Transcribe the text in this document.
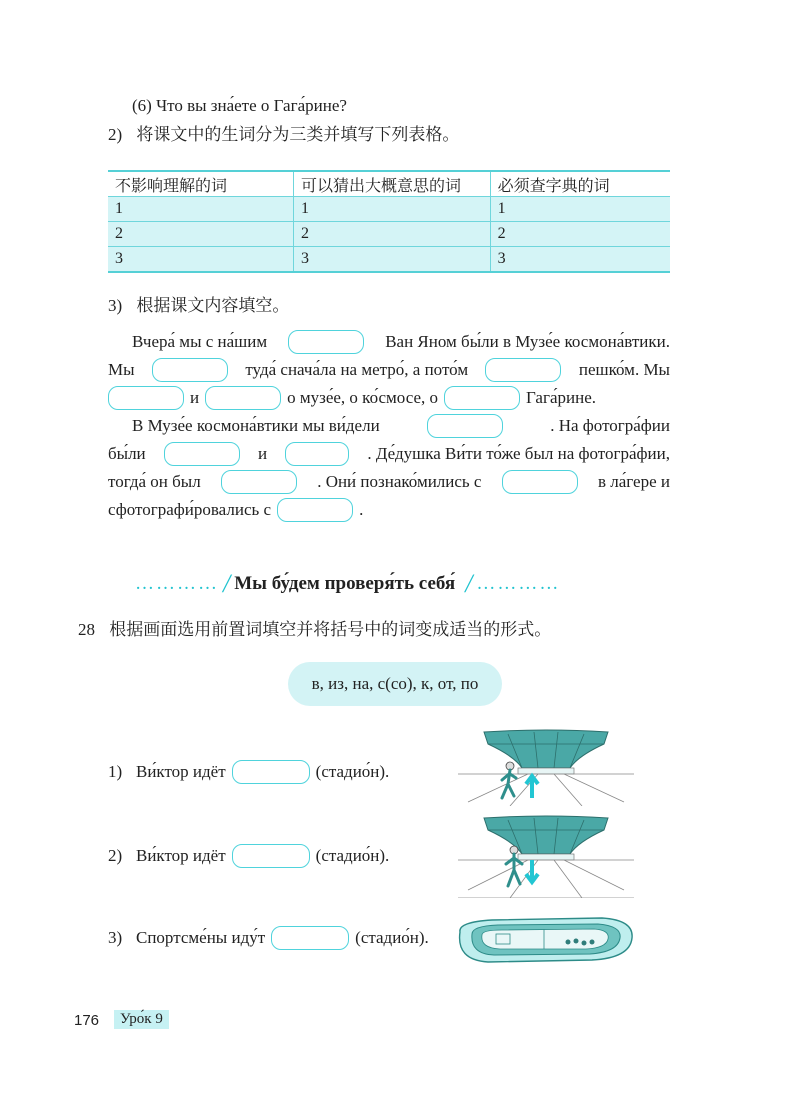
(6) Что вы зна́ете о Гага́рине?
2) 将课文中的生词分为三类并填写下列表格。
不影响理解的词	可以猜出大概意思的词	必须查字典的词
1	1	1
2	2	2
3	3	3
3) 根据课文内容填空。
Вчера́ мы с на́шим	Ван Яном бы́ли в Музе́е космона́втики.
Мы	туда́ снача́ла на метро́, а пото́м	пешко́м. Мы
и	о музе́е, о ко́смосе, о	Гага́рине.
В Музе́е космона́втики мы ви́дели	. На фотогра́фии
бы́ли	и	. Де́душка Ви́ти то́же был на фотогра́фии,
тогда́ он был	. Они́ познако́мились с	в ла́гере и
сфотографи́ровались с	.
………… / Мы бу́дем проверя́ть себя́ / …………
28 根据画面选用前置词填空并将括号中的词变成适当的形式。
в, из, на, с(со), к, от, по
1) Ви́ктор идёт	(стадио́н).
2) Ви́ктор идёт	(стадио́н).
3) Спортсме́ны иду́т	(стадио́н).
176	Уро́к 9
